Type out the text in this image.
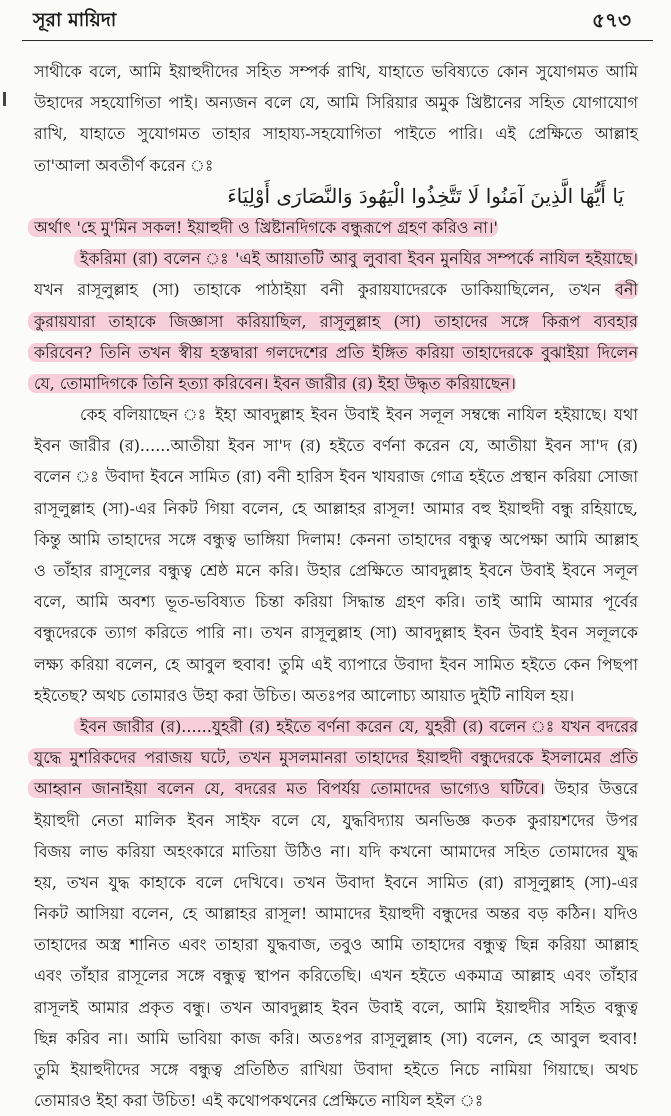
সূরা মায়িদা	৫৭৩
সাথীকে বলে, আমি ইয়াহুদীদের সহিত সম্পর্ক রাখি, যাহাতে ভবিষ্যতে কোন সুযোগমত আমি
উহাদের সহযোগিতা পাই। অন্যজন বলে যে, আমি সিরিয়ার অমুক খ্রিষ্টানের সহিত যোগাযোগ
রাখি, যাহাতে সুযোগমত তাহার সাহায্য-সহযোগিতা পাইতে পারি। এই প্রেক্ষিতে আল্লাহ
তা'আলা অবতীর্ণ করেন ঃ
يَا أَيُّهَا الَّذِينَ آمَنُوا لَا تَتَّخِذُوا الْيَهُودَ وَالنَّصَارَى أَوْلِيَاءَ
অর্থাৎ 'হে মু'মিন সকল! ইয়াহুদী ও খ্রিষ্টানদিগকে বন্ধুরূপে গ্রহণ করিও না।'
ইকরিমা (রা) বলেন ঃ 'এই আয়াতটি আবু লুবাবা ইবন মুনযির সম্পর্কে নাযিল হইয়াছে।
যখন রাসূলুল্লাহ (সা) তাহাকে পাঠাইয়া বনী কুরায়যাদেরকে ডাকিয়াছিলেন, তখন বনী
কুরায়যারা তাহাকে জিজ্ঞাসা করিয়াছিল, রাসূলুল্লাহ (সা) তাহাদের সঙ্গে কিরূপ ব্যবহার
করিবেন? তিনি তখন স্বীয় হস্তদ্বারা গলদেশের প্রতি ইঙ্গিত করিয়া তাহাদেরকে বুঝাইয়া দিলেন
যে, তোমাদিগকে তিনি হত্যা করিবেন। ইবন জারীর (র) ইহা উদ্ধৃত করিয়াছেন।
কেহ বলিয়াছেন ঃ ইহা আবদুল্লাহ ইবন উবাই ইবন সলূল সম্বন্ধে নাযিল হইয়াছে। যথা
ইবন জারীর (র)......আতীয়া ইবন সা'দ (র) হইতে বর্ণনা করেন যে, আতীয়া ইবন সা'দ (র)
বলেন ঃ উবাদা ইবনে সামিত (রা) বনী হারিস ইবন খাযরাজ গোত্র হইতে প্রস্থান করিয়া সোজা
রাসূলুল্লাহ (সা)-এর নিকট গিয়া বলেন, হে আল্লাহর রাসূল! আমার বহু ইয়াহুদী বন্ধু রহিয়াছে,
কিন্তু আমি তাহাদের সঙ্গে বন্ধুত্ব ভাঙ্গিয়া দিলাম! কেননা তাহাদের বন্ধুত্ব অপেক্ষা আমি আল্লাহ
ও তাঁহার রাসূলের বন্ধুত্ব শ্রেষ্ঠ মনে করি। উহার প্রেক্ষিতে আবদুল্লাহ ইবনে উবাই ইবনে সলূল
বলে, আমি অবশ্য ভূত-ভবিষ্যত চিন্তা করিয়া সিদ্ধান্ত গ্রহণ করি। তাই আমি আমার পূর্বের
বন্ধুদেরকে ত্যাগ করিতে পারি না। তখন রাসূলুল্লাহ (সা) আবদুল্লাহ ইবন উবাই ইবন সলূলকে
লক্ষ্য করিয়া বলেন, হে আবুল হুবাব! তুমি এই ব্যাপারে উবাদা ইবন সামিত হইতে কেন পিছপা
হইতেছ? অথচ তোমারও উহা করা উচিত। অতঃপর আলোচ্য আয়াত দুইটি নাযিল হয়।
ইবন জারীর (র)......যুহরী (র) হইতে বর্ণনা করেন যে, যুহরী (র) বলেন ঃ যখন বদরের
যুদ্ধে মুশরিকদের পরাজয় ঘটে, তখন মুসলমানরা তাহাদের ইয়াহুদী বন্ধুদেরকে ইসলামের প্রতি
আহ্বান জানাইয়া বলেন যে, বদরের মত বিপর্যয় তোমাদের ভাগ্যেও ঘটিবে। উহার উত্তরে
ইয়াহুদী নেতা মালিক ইবন সাইফ বলে যে, যুদ্ধবিদ্যায় অনভিজ্ঞ কতক কুরায়শদের উপর
বিজয় লাভ করিয়া অহংকারে মাতিয়া উঠিও না। যদি কখনো আমাদের সহিত তোমাদের যুদ্ধ
হয়, তখন যুদ্ধ কাহাকে বলে দেখিবে। তখন উবাদা ইবনে সামিত (রা) রাসূলুল্লাহ (সা)-এর
নিকট আসিয়া বলেন, হে আল্লাহর রাসূল! আমাদের ইয়াহুদী বন্ধুদের অন্তর বড় কঠিন। যদিও
তাহাদের অস্ত্র শানিত এবং তাহারা যুদ্ধবাজ, তবুও আমি তাহাদের বন্ধুত্ব ছিন্ন করিয়া আল্লাহ
এবং তাঁহার রাসূলের সঙ্গে বন্ধুত্ব স্থাপন করিতেছি। এখন হইতে একমাত্র আল্লাহ এবং তাঁহার
রাসূলই আমার প্রকৃত বন্ধু। তখন আবদুল্লাহ ইবন উবাই বলে, আমি ইয়াহুদীর সহিত বন্ধুত্ব
ছিন্ন করিব না। আমি ভাবিয়া কাজ করি। অতঃপর রাসূলুল্লাহ (সা) বলেন, হে আবুল হুবাব!
তুমি ইয়াহুদীদের সঙ্গে বন্ধুত্ব প্রতিষ্ঠিত রাখিয়া উবাদা হইতে নিচে নামিয়া গিয়াছে। অথচ
তোমারও ইহা করা উচিত! এই কথোপকথনের প্রেক্ষিতে নাযিল হইল ঃ
